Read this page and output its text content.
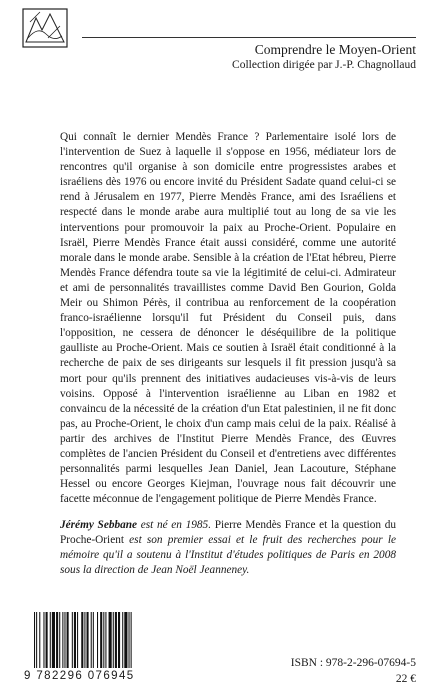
Comprendre le Moyen-Orient
Collection dirigée par J.-P. Chagnollaud
Qui connaît le dernier Mendès France ? Parlementaire isolé lors de l'intervention de Suez à laquelle il s'oppose en 1956, médiateur lors de rencontres qu'il organise à son domicile entre progressistes arabes et israéliens dès 1976 ou encore invité du Président Sadate quand celui-ci se rend à Jérusalem en 1977, Pierre Mendès France, ami des Israéliens et respecté dans le monde arabe aura multiplié tout au long de sa vie les interventions pour promouvoir la paix au Proche-Orient. Populaire en Israël, Pierre Mendès France était aussi considéré, comme une autorité morale dans le monde arabe. Sensible à la création de l'Etat hébreu, Pierre Mendès France défendra toute sa vie la légitimité de celui-ci. Admirateur et ami de personnalités travaillistes comme David Ben Gourion, Golda Meir ou Shimon Pérès, il contribua au renforcement de la coopération franco-israélienne lorsqu'il fut Président du Conseil puis, dans l'opposition, ne cessera de dénoncer le déséquilibre de la politique gaulliste au Proche-Orient. Mais ce soutien à Israël était conditionné à la recherche de paix de ses dirigeants sur lesquels il fit pression jusqu'à sa mort pour qu'ils prennent des initiatives audacieuses vis-à-vis de leurs voisins. Opposé à l'intervention israélienne au Liban en 1982 et convaincu de la nécessité de la création d'un Etat palestinien, il ne fit donc pas, au Proche-Orient, le choix d'un camp mais celui de la paix. Réalisé à partir des archives de l'Institut Pierre Mendès France, des Œuvres complètes de l'ancien Président du Conseil et d'entretiens avec différentes personnalités parmi lesquelles Jean Daniel, Jean Lacouture, Stéphane Hessel ou encore Georges Kiejman, l'ouvrage nous fait découvrir une facette méconnue de l'engagement politique de Pierre Mendès France.
Jérémy Sebbane est né en 1985. Pierre Mendès France et la question du Proche-Orient est son premier essai et le fruit des recherches pour le mémoire qu'il a soutenu à l'Institut d'études politiques de Paris en 2008 sous la direction de Jean Noël Jeanneney.
9 782296 076945
ISBN : 978-2-296-07694-5
22 €
